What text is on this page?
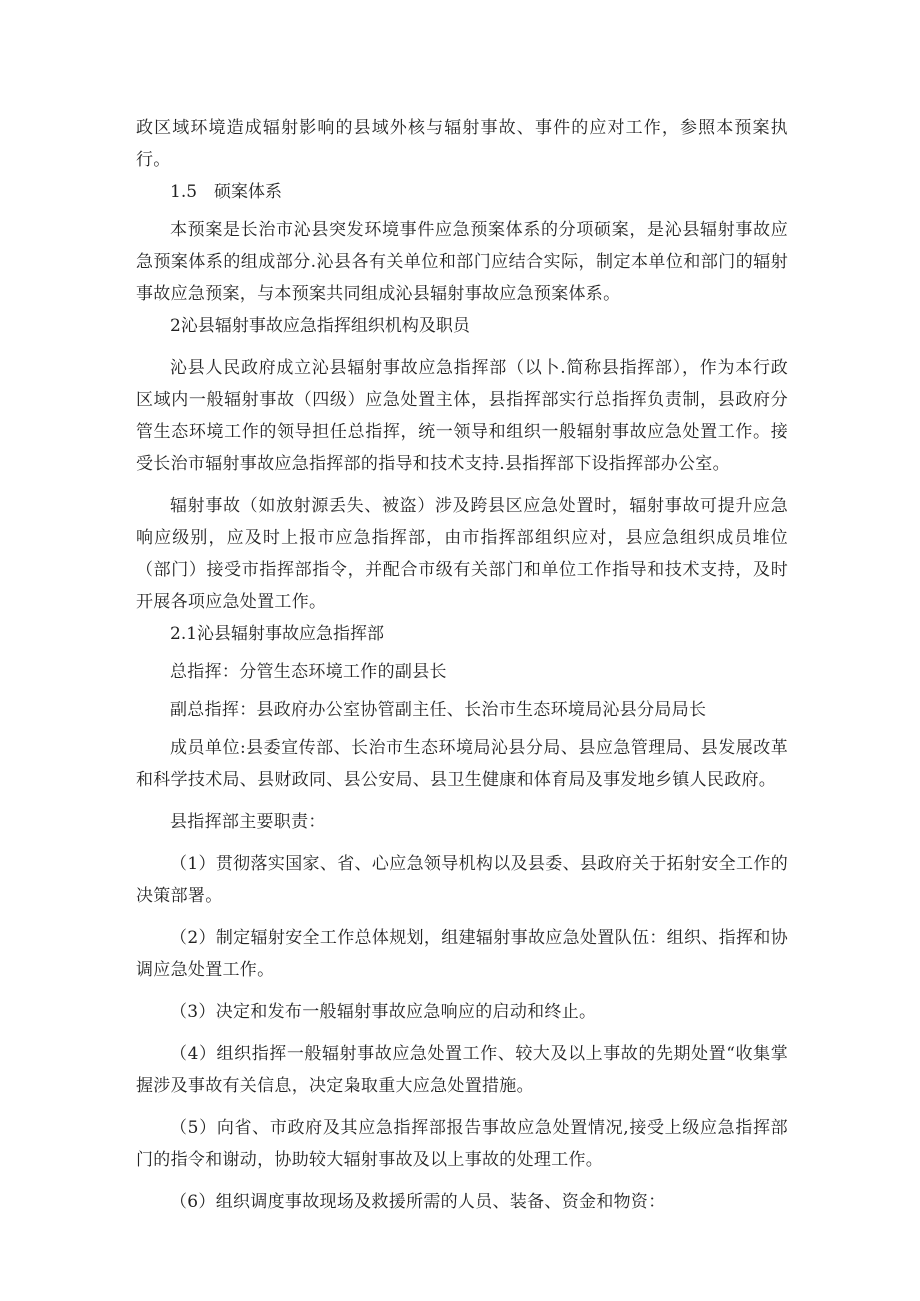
政区域环境造成辐射影响的县域外核与辐射事故、事件的应对工作，参照本预案执行。

1.5　硕案体系

本预案是长治市沁县突发环境事件应急预案体系的分项硕案，是沁县辐射事故应急预案体系的组成部分.沁县各有关单位和部门应结合实际，制定本单位和部门的辐射事故应急预案，与本预案共同组成沁县辐射事故应急预案体系。

2沁县辐射事故应急指挥组织机构及职员

沁县人民政府成立沁县辐射事故应急指挥部（以卜.简称县指挥部），作为本行政区域内一般辐射事故（四级）应急处置主体，县指挥部实行总指挥负责制，县政府分管生态环境工作的领导担任总指挥，统一领导和组织一般辐射事故应急处置工作。接受长治市辐射事故应急指挥部的指导和技术支持.县指挥部下设指挥部办公室。

辐射事故（如放射源丢失、被盗）涉及跨县区应急处置时，辐射事故可提升应急响应级别，应及时上报市应急指挥部，由市指挥部组织应对，县应急组织成员堆位（部门）接受市指挥部指令，并配合市级有关部门和单位工作指导和技术支持，及时开展各项应急处置工作。

2.1沁县辐射事故应急指挥部

总指挥：分管生态环境工作的副县长

副总指挥：县政府办公室协管副主任、长治市生态环境局沁县分局局长

成员单位:县委宣传部、长治市生态环境局沁县分局、县应急管理局、县发展改革和科学技术局、县财政同、县公安局、县卫生健康和体育局及事发地乡镇人民政府。

县指挥部主要职责：

（1）贯彻落实国家、省、心应急领导机构以及县委、县政府关于拓射安全工作的决策部署。

（2）制定辐射安全工作总体规划，组建辐射事故应急处置队伍：组织、指挥和协调应急处置工作。

（3）决定和发布一般辐射事故应急响应的启动和终止。

（4）组织指挥一般辐射事故应急处置工作、较大及以上事故的先期处置“收集掌握涉及事故有关信息，决定枭取重大应急处置措施。

（5）向省、市政府及其应急指挥部报告事故应急处置情况,接受上级应急指挥部门的指令和谢动，协助较大辐射事故及以上事故的处理工作。

（6）组织调度事故现场及救援所需的人员、装备、资金和物资：
